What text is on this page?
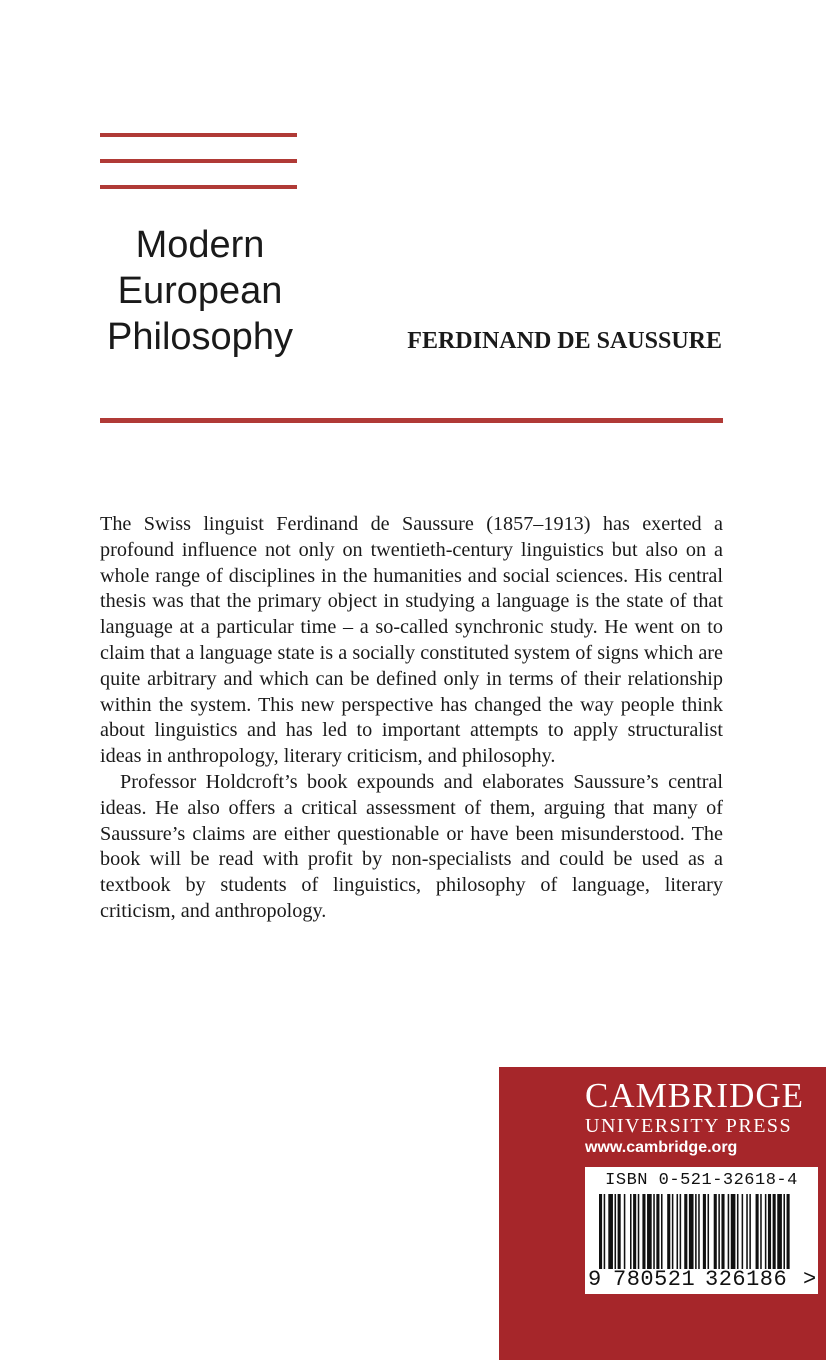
Modern
European
Philosophy	FERDINAND DE SAUSSURE

The Swiss linguist Ferdinand de Saussure (1857–1913) has exerted a profound influence not only on twentieth-century linguistics but also on a whole range of disciplines in the humanities and social sciences. His central thesis was that the primary object in studying a language is the state of that language at a particular time – a so-called synchronic study. He went on to claim that a language state is a socially constituted system of signs which are quite arbitrary and which can be defined only in terms of their relationship within the system. This new perspective has changed the way people think about linguistics and has led to important attempts to apply structuralist ideas in anthropology, literary criticism, and philosophy.

Professor Holdcroft’s book expounds and elaborates Saussure’s central ideas. He also offers a critical assessment of them, arguing that many of Saussure’s claims are either questionable or have been misunderstood. The book will be read with profit by non-specialists and could be used as a textbook by students of linguistics, philosophy of language, literary criticism, and anthropology.

CAMBRIDGE
UNIVERSITY PRESS
www.cambridge.org
ISBN 0-521-32618-4
9 780521 326186 >
